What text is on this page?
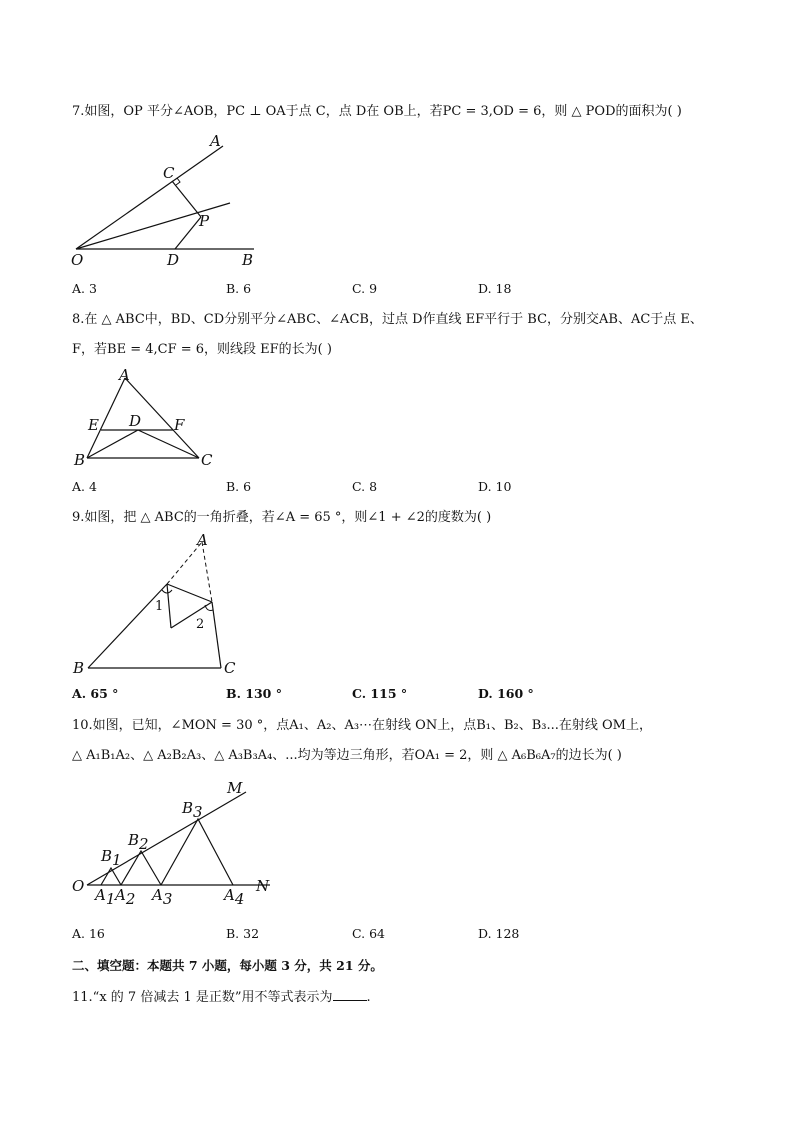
7.如图，OP 平分∠AOB，PC ⊥ OA于点 C，点 D在 OB上，若PC = 3,OD = 6，则 △ POD的面积为( )
A
C
P
O	D	B
A. 3	B. 6	C. 9	D. 18
8.在 △ ABC中，BD、CD分别平分∠ABC、∠ACB，过点 D作直线 EF平行于 BC，分别交AB、AC于点 E、
F，若BE = 4,CF = 6，则线段 EF的长为( )
A
E D F
B	C
A. 4	B. 6	C. 8	D. 10
9.如图，把 △ ABC的一角折叠，若∠A = 65 °，则∠1 + ∠2的度数为( )
A
1
2
B	C
A. 65 °	B. 130 °	C. 115 °	D. 160 °
10.如图，已知，∠MON = 30 °，点A₁、A₂、A₃⋯在射线 ON上，点B₁、B₂、B₃...在射线 OM上，
△ A₁B₁A₂、△ A₂B₂A₃、△ A₃B₃A₄、...均为等边三角形，若OA₁ = 2，则 △ A₆B₆A₇的边长为( )
M
B3
B2
B1
O A1 A2 A3	A4
N
A. 16	B. 32	C. 64	D. 128
二、填空题：本题共 7 小题，每小题 3 分，共 21 分。
11.“x 的 7 倍减去 1 是正数”用不等式表示为	.
